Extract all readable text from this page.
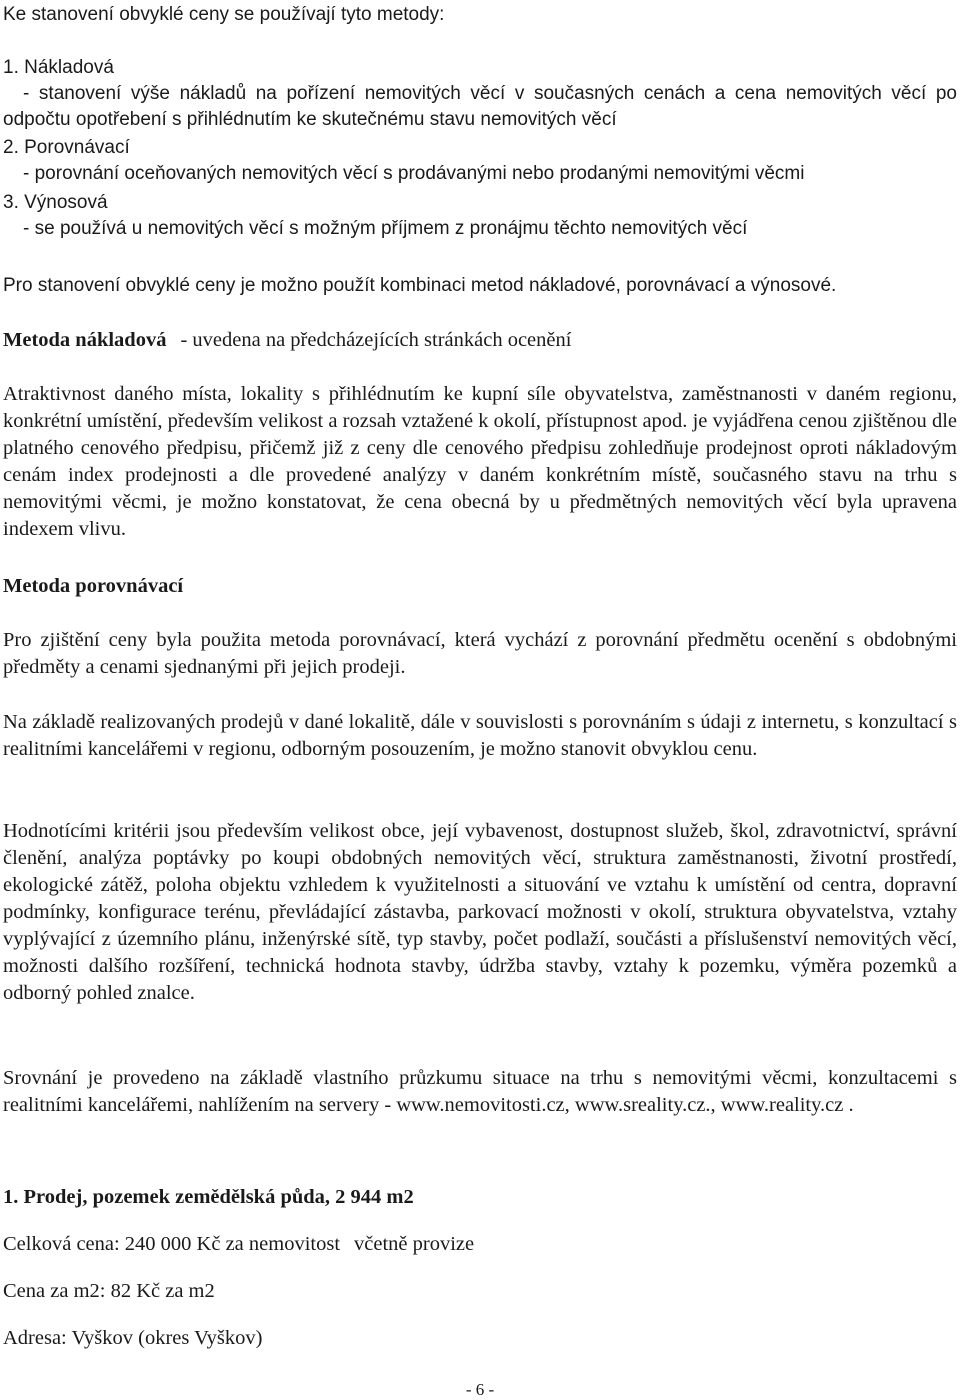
Ke stanovení obvyklé ceny se používají tyto metody:

1. Nákladová

- stanovení výše nákladů na pořízení nemovitých věcí v současných cenách a cena nemovitých věcí po odpočtu opotřebení s přihlédnutím ke skutečnému stavu nemovitých věcí

2. Porovnávací

- porovnání oceňovaných nemovitých věcí s prodávanými nebo prodanými nemovitými věcmi

3. Výnosová

- se používá u nemovitých věcí s možným příjmem z pronájmu těchto nemovitých věcí

Pro stanovení obvyklé ceny je možno použít kombinaci metod nákladové, porovnávací a výnosové.

Metoda nákladová - uvedena na předcházejících stránkách ocenění

Atraktivnost daného místa, lokality s přihlédnutím ke kupní síle obyvatelstva, zaměstnanosti v daném regionu, konkrétní umístění, především velikost a rozsah vztažené k okolí, přístupnost apod. je vyjádřena cenou zjištěnou dle platného cenového předpisu, přičemž již z ceny dle cenového předpisu zohledňuje prodejnost oproti nákladovým cenám index prodejnosti a dle provedené analýzy v daném konkrétním místě, současného stavu na trhu s nemovitými věcmi, je možno konstatovat, že cena obecná by u předmětných nemovitých věcí byla upravena indexem vlivu.

Metoda porovnávací

Pro zjištění ceny byla použita metoda porovnávací, která vychází z porovnání předmětu ocenění s obdobnými předměty a cenami sjednanými při jejich prodeji.

Na základě realizovaných prodejů v dané lokalitě, dále v souvislosti s porovnáním s údaji z internetu, s konzultací s realitními kancelářemi v regionu, odborným posouzením, je možno stanovit obvyklou cenu.

Hodnotícími kritérii jsou především velikost obce, její vybavenost, dostupnost služeb, škol, zdravotnictví, správní členění, analýza poptávky po koupi obdobných nemovitých věcí, struktura zaměstnanosti, životní prostředí, ekologické zátěž, poloha objektu vzhledem k využitelnosti a situování ve vztahu k umístění od centra, dopravní podmínky, konfigurace terénu, převládající zástavba, parkovací možnosti v okolí, struktura obyvatelstva, vztahy vyplývající z územního plánu, inženýrské sítě, typ stavby, počet podlaží, součásti a příslušenství nemovitých věcí, možnosti dalšího rozšíření, technická hodnota stavby, údržba stavby, vztahy k pozemku, výměra pozemků a odborný pohled znalce.

Srovnání je provedeno na základě vlastního průzkumu situace na trhu s nemovitými věcmi, konzultacemi s realitními kancelářemi, nahlížením na servery - www.nemovitosti.cz, www.sreality.cz., www.reality.cz .

1. Prodej, pozemek zemědělská půda, 2 944 m2

Celková cena: 240 000 Kč za nemovitost včetně provize

Cena za m2: 82 Kč za m2

Adresa: Vyškov (okres Vyškov)

- 6 -
